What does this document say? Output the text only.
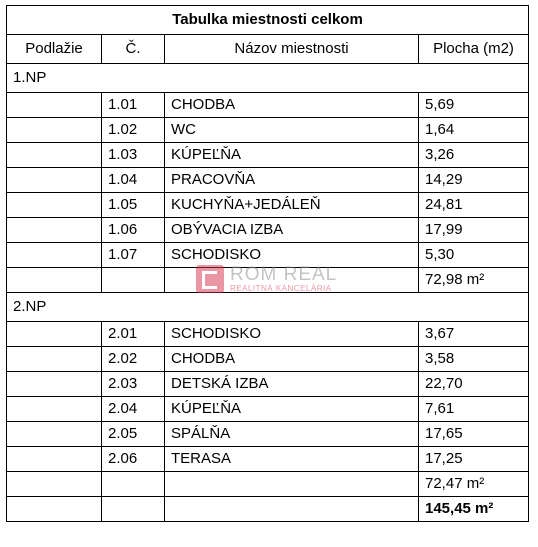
Tabulka miestnosti celkom			
Podlažie	Č.	Názov miestnosti	Plocha (m2)
1.NP			
	1.01	CHODBA	5,69
	1.02	WC	1,64
	1.03	KÚPEĽŇA	3,26
	1.04	PRACOVŇA	14,29
	1.05	KUCHYŇA+JEDÁLEŇ	24,81
	1.06	OBÝVACIA IZBA	17,99
	1.07	SCHODISKO	5,30
			72,98 m²
2.NP			
	2.01	SCHODISKO	3,67
	2.02	CHODBA	3,58
	2.03	DETSKÁ IZBA	22,70
	2.04	KÚPEĽŇA	7,61
	2.05	SPÁLŇA	17,65
	2.06	TERASA	17,25
			72,47 m²
			145,45 m²
ROM REAL
REALITNÁ KANCELÁRIA
